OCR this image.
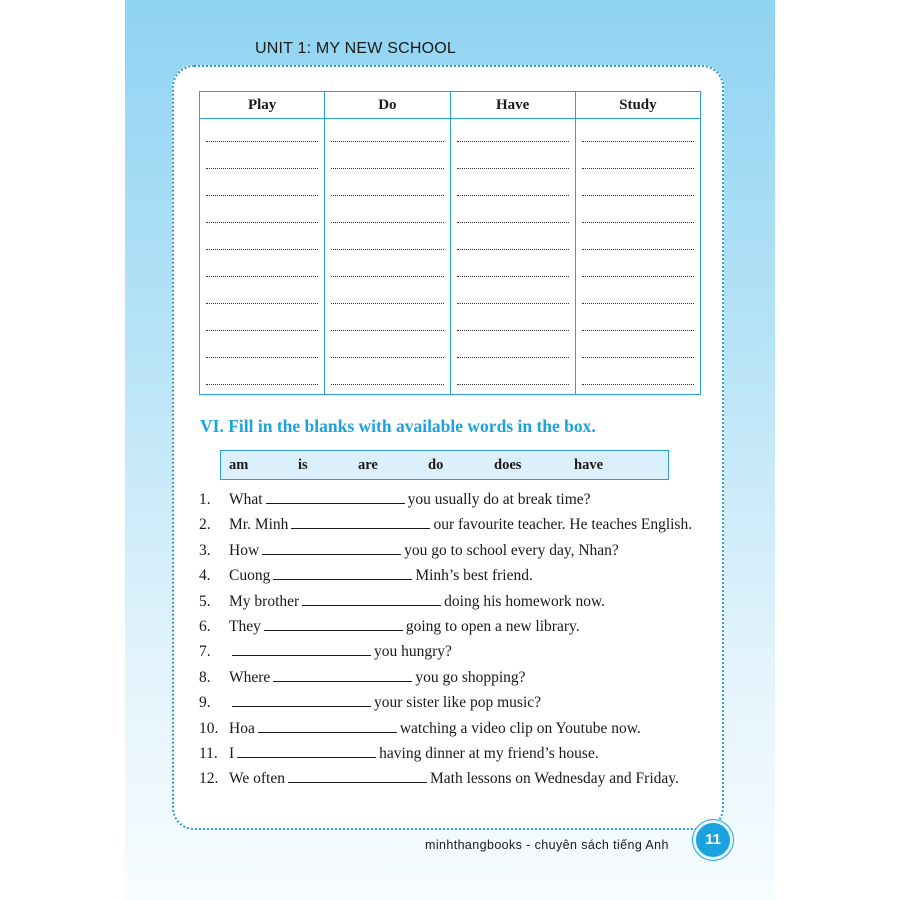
UNIT 1: MY NEW SCHOOL
Play	Do	Have	Study

VI. Fill in the blanks with available words in the box.
am	is	are	do	does	have
1. What	you usually do at break time?
2. Mr. Minh	our favourite teacher. He teaches English.
3. How	you go to school every day, Nhan?
4. Cuong	Minh’s best friend.
5. My brother	doing his homework now.
6. They	going to open a new library.
7.	you hungry?
8. Where	you go shopping?
9.	your sister like pop music?
10. Hoa	watching a video clip on Youtube now.
11. I	having dinner at my friend’s house.
12. We often	Math lessons on Wednesday and Friday.
minhthangbooks - chuyên sách tiếng Anh	11
